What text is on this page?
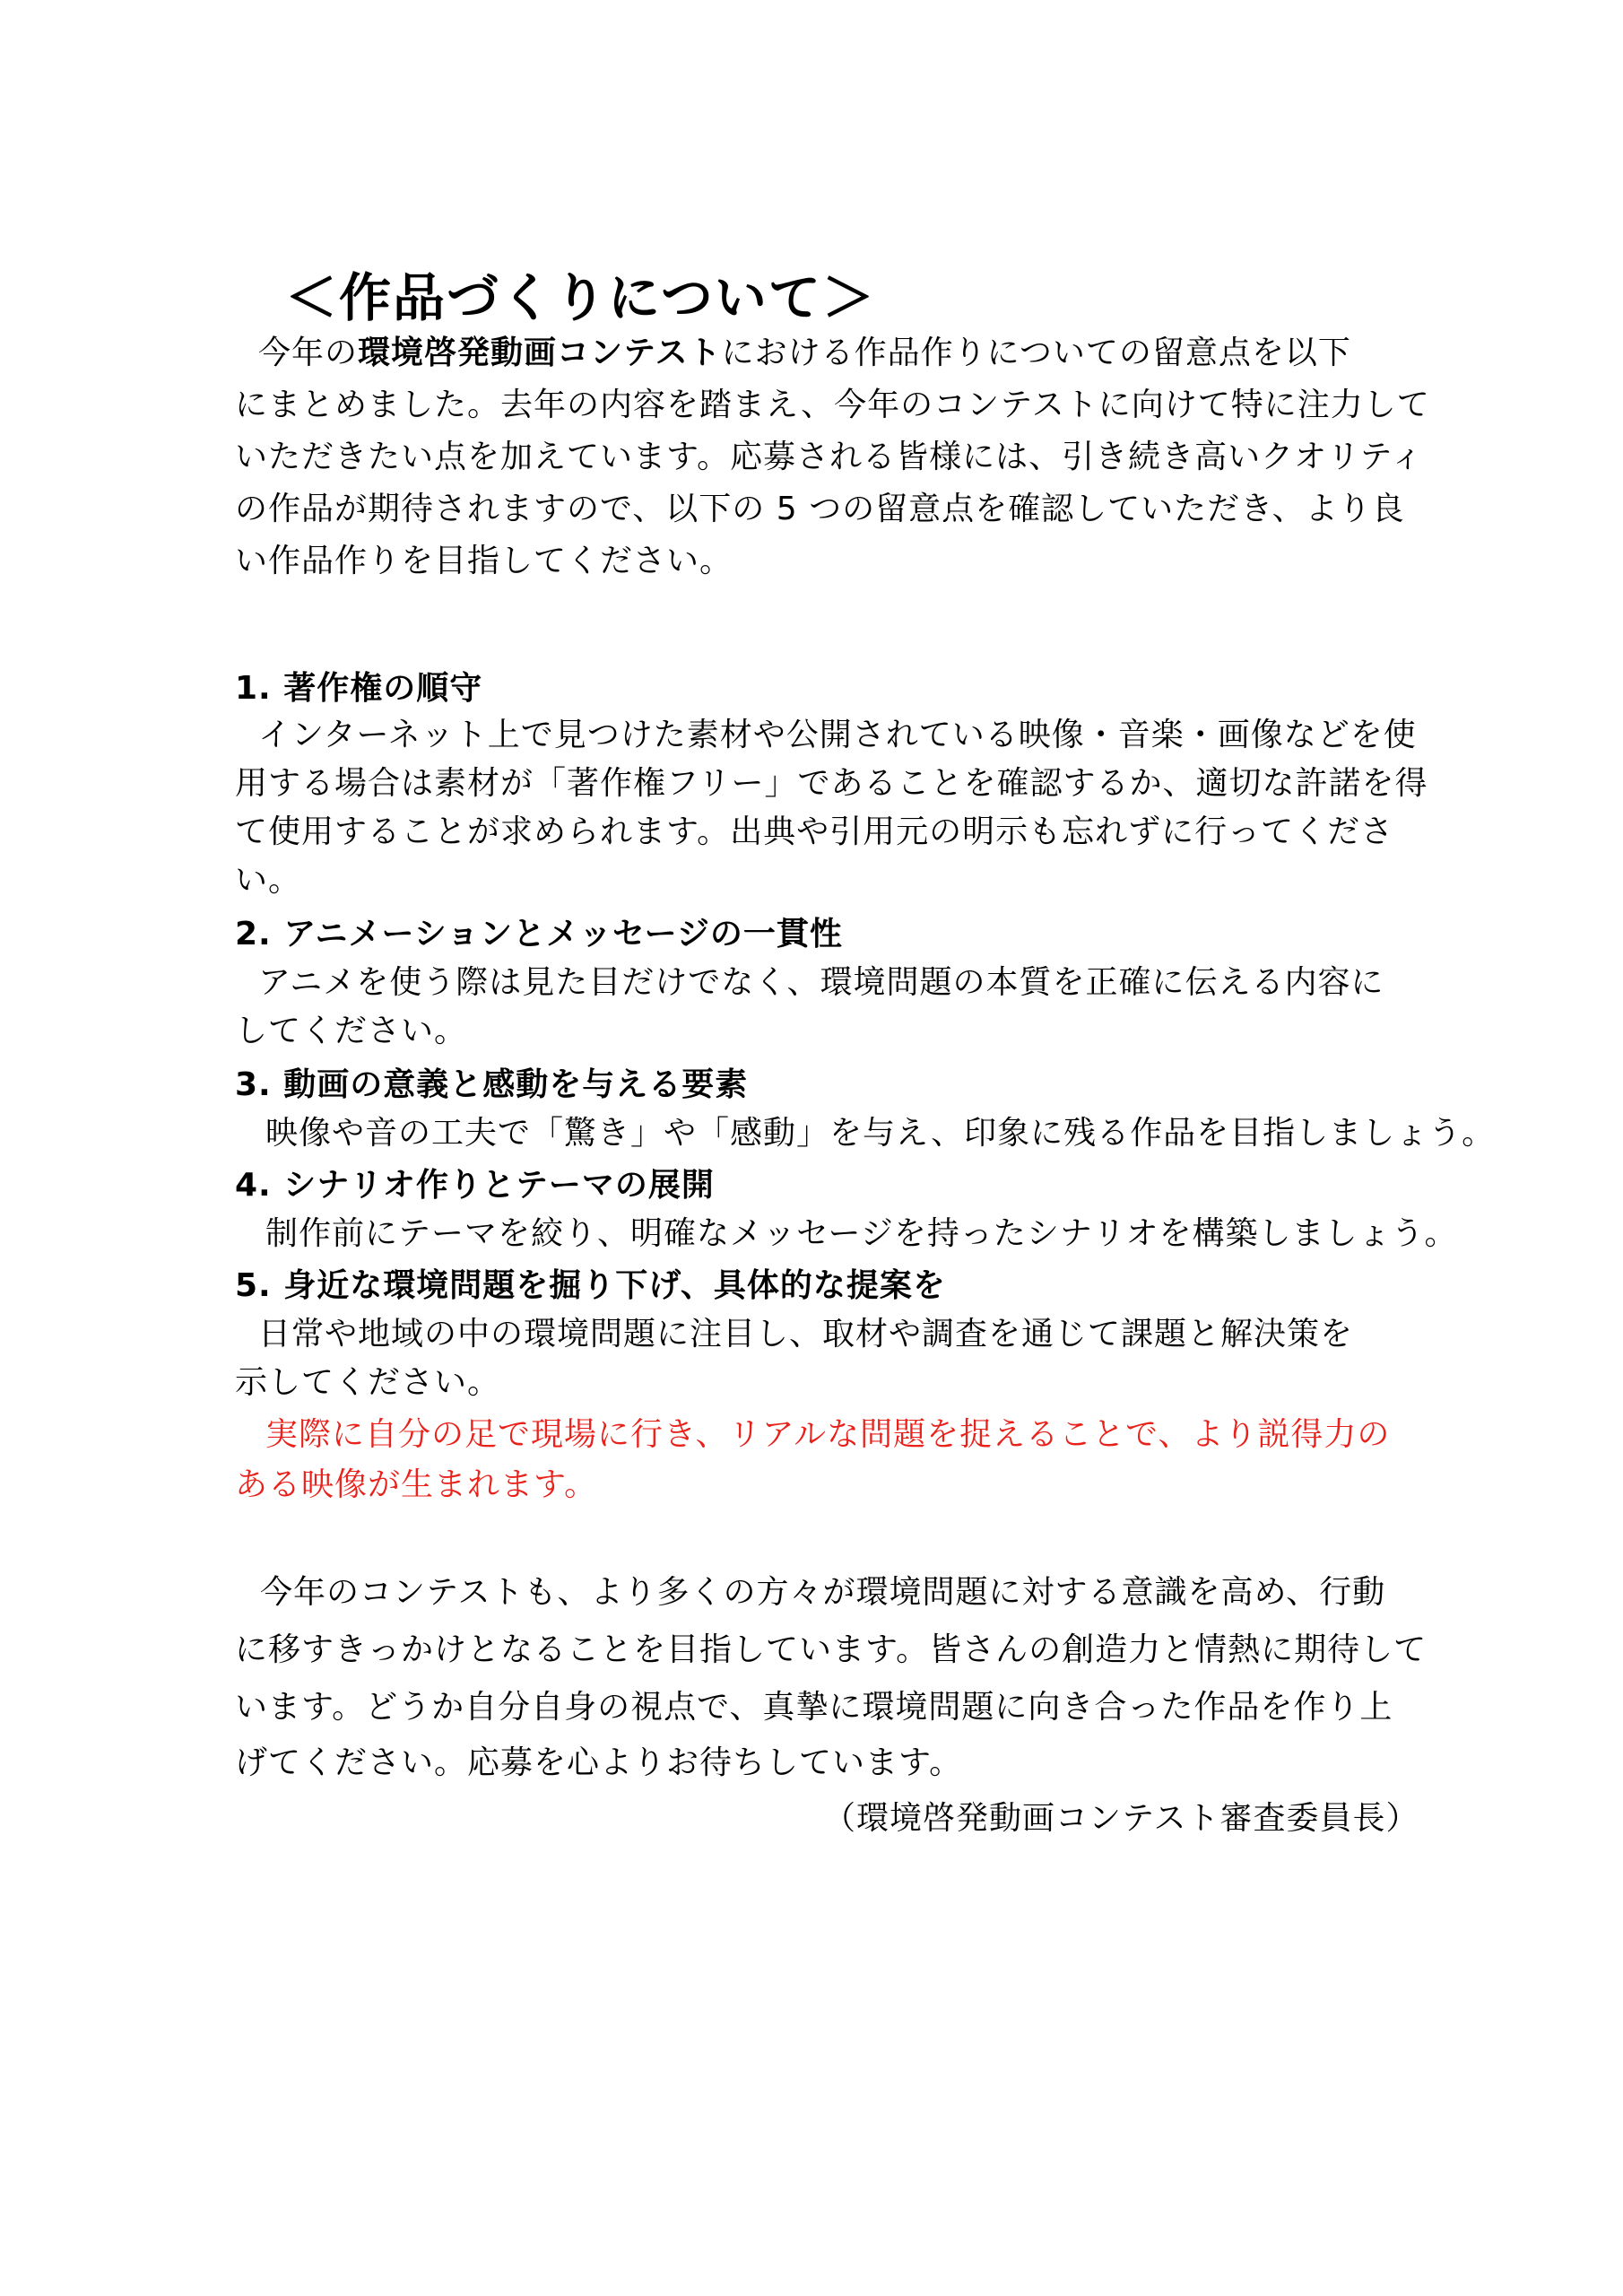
＜作品づくりについて＞
今年の環境啓発動画コンテストにおける作品作りについての留意点を以下
にまとめました。去年の内容を踏まえ、今年のコンテストに向けて特に注力して
いただきたい点を加えています。応募される皆様には、引き続き高いクオリティ
の作品が期待されますので、以下の 5 つの留意点を確認していただき、より良
い作品作りを目指してください。
1. 著作権の順守
インターネット上で見つけた素材や公開されている映像・音楽・画像などを使
用する場合は素材が「著作権フリー」であることを確認するか、適切な許諾を得
て使用することが求められます。出典や引用元の明示も忘れずに行ってくださ
い。
2. アニメーションとメッセージの一貫性
アニメを使う際は見た目だけでなく、環境問題の本質を正確に伝える内容に
してください。
3. 動画の意義と感動を与える要素
映像や音の工夫で「驚き」や「感動」を与え、印象に残る作品を目指しましょう。
4. シナリオ作りとテーマの展開
制作前にテーマを絞り、明確なメッセージを持ったシナリオを構築しましょう。
5. 身近な環境問題を掘り下げ、具体的な提案を
日常や地域の中の環境問題に注目し、取材や調査を通じて課題と解決策を
示してください。
実際に自分の足で現場に行き、リアルな問題を捉えることで、より説得力の
ある映像が生まれます。
今年のコンテストも、より多くの方々が環境問題に対する意識を高め、行動
に移すきっかけとなることを目指しています。皆さんの創造力と情熱に期待して
います。どうか自分自身の視点で、真摯に環境問題に向き合った作品を作り上
げてください。応募を心よりお待ちしています。
（環境啓発動画コンテスト審査委員長）
